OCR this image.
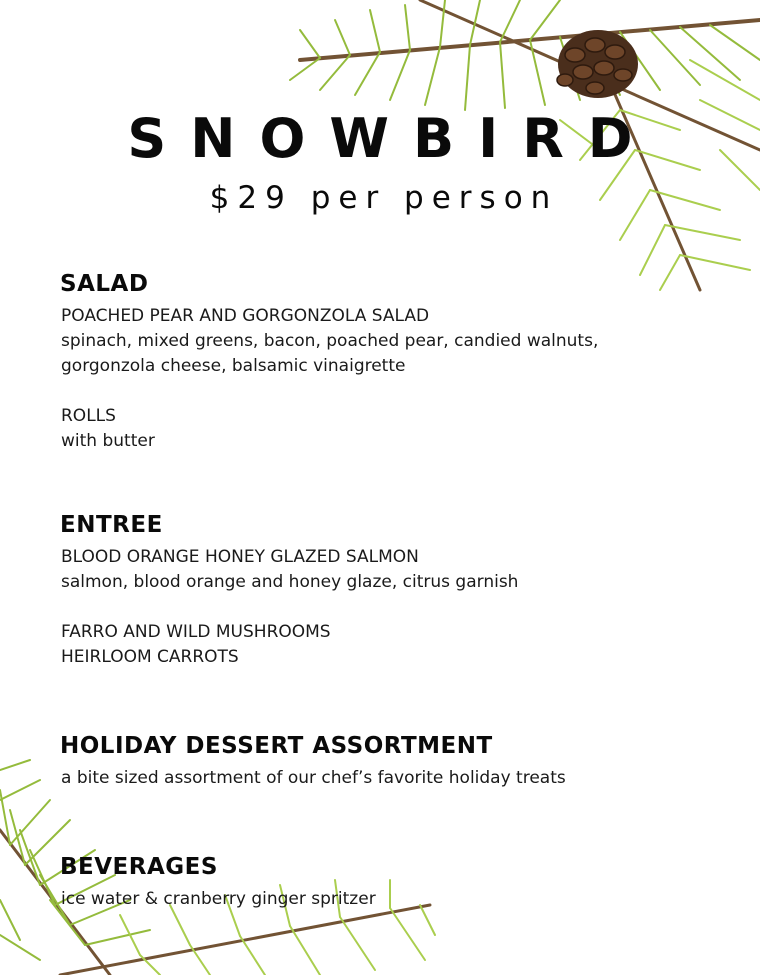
SNOWBIRD
$29 per person
SALAD
POACHED PEAR AND GORGONZOLA SALAD
spinach, mixed greens, bacon, poached pear, candied walnuts,
gorgonzola cheese, balsamic vinaigrette
ROLLS
with butter
ENTREE
BLOOD ORANGE HONEY GLAZED SALMON
salmon, blood orange and honey glaze, citrus garnish
FARRO AND WILD MUSHROOMS
HEIRLOOM CARROTS
HOLIDAY DESSERT ASSORTMENT
a bite sized assortment of our chef’s favorite holiday treats
BEVERAGES
ice water & cranberry ginger spritzer
